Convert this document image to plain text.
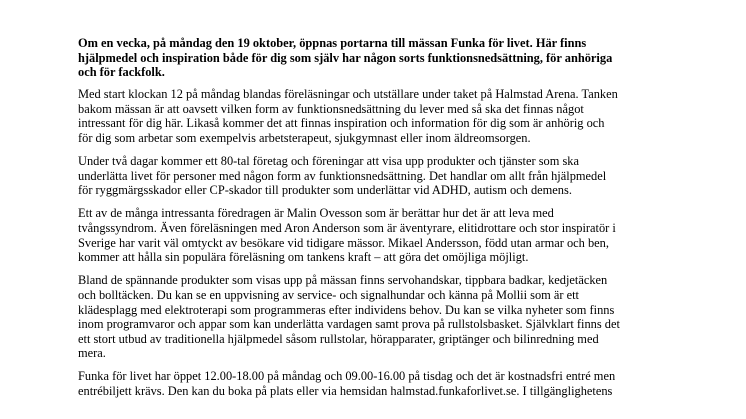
Om en vecka, på måndag den 19 oktober, öppnas portarna till mässan Funka för livet. Här finns
hjälpmedel och inspiration både för dig som själv har någon sorts funktionsnedsättning, för anhöriga
och för fackfolk.

Med start klockan 12 på måndag blandas föreläsningar och utställare under taket på Halmstad Arena. Tanken
bakom mässan är att oavsett vilken form av funktionsnedsättning du lever med så ska det finnas något
intressant för dig här. Likaså kommer det att finnas inspiration och information för dig som är anhörig och
för dig som arbetar som exempelvis arbetsterapeut, sjukgymnast eller inom äldreomsorgen.

Under två dagar kommer ett 80-tal företag och föreningar att visa upp produkter och tjänster som ska
underlätta livet för personer med någon form av funktionsnedsättning. Det handlar om allt från hjälpmedel
för ryggmärgsskador eller CP-skador till produkter som underlättar vid ADHD, autism och demens.

Ett av de många intressanta föredragen är Malin Ovesson som är berättar hur det är att leva med
tvångssyndrom. Även föreläsningen med Aron Anderson som är äventyrare, elitidrottare och stor inspiratör i
Sverige har varit väl omtyckt av besökare vid tidigare mässor. Mikael Andersson, född utan armar och ben,
kommer att hålla sin populära föreläsning om tankens kraft – att göra det omöjliga möjligt.

Bland de spännande produkter som visas upp på mässan finns servohandskar, tippbara badkar, kedjetäcken
och bolltäcken. Du kan se en uppvisning av service- och signalhundar och känna på Mollii som är ett
klädesplagg med elektroterapi som programmeras efter individens behov. Du kan se vilka nyheter som finns
inom programvaror och appar som kan underlätta vardagen samt prova på rullstolsbasket. Självklart finns det
ett stort utbud av traditionella hjälpmedel såsom rullstolar, hörapparater, griptänger och bilinredning med
mera.

Funka för livet har öppet 12.00-18.00 på måndag och 09.00-16.00 på tisdag och det är kostnadsfri entré men
entrébiljett krävs. Den kan du boka på plats eller via hemsidan halmstad.funkaforlivet.se. I tillgänglighetens
